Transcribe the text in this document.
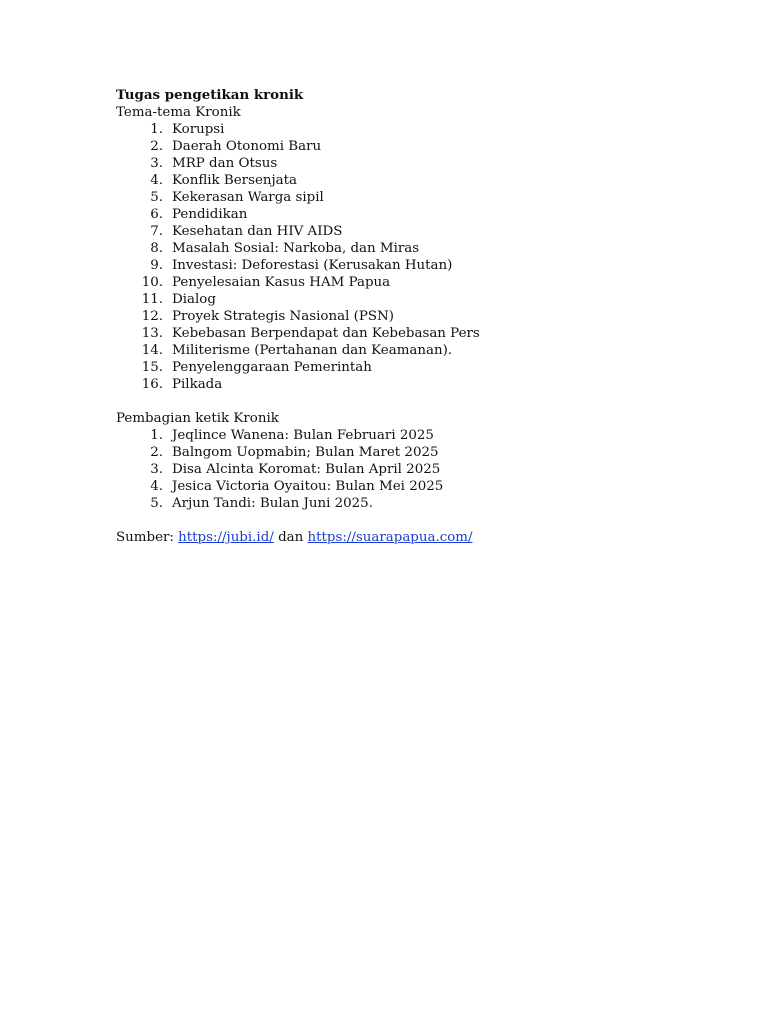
Tugas pengetikan kronik
Tema-tema Kronik
1. Korupsi
2. Daerah Otonomi Baru
3. MRP dan Otsus
4. Konflik Bersenjata
5. Kekerasan Warga sipil
6. Pendidikan
7. Kesehatan dan HIV AIDS
8. Masalah Sosial: Narkoba, dan Miras
9. Investasi: Deforestasi (Kerusakan Hutan)
10. Penyelesaian Kasus HAM Papua
11. Dialog
12. Proyek Strategis Nasional (PSN)
13. Kebebasan Berpendapat dan Kebebasan Pers
14. Militerisme (Pertahanan dan Keamanan).
15. Penyelenggaraan Pemerintah
16. Pilkada
Pembagian ketik Kronik
1. Jeqlince Wanena: Bulan Februari 2025
2. Balngom Uopmabin; Bulan Maret 2025
3. Disa Alcinta Koromat: Bulan April 2025
4. Jesica Victoria Oyaitou: Bulan Mei 2025
5. Arjun Tandi: Bulan Juni 2025.
Sumber: https://jubi.id/ dan https://suarapapua.com/
